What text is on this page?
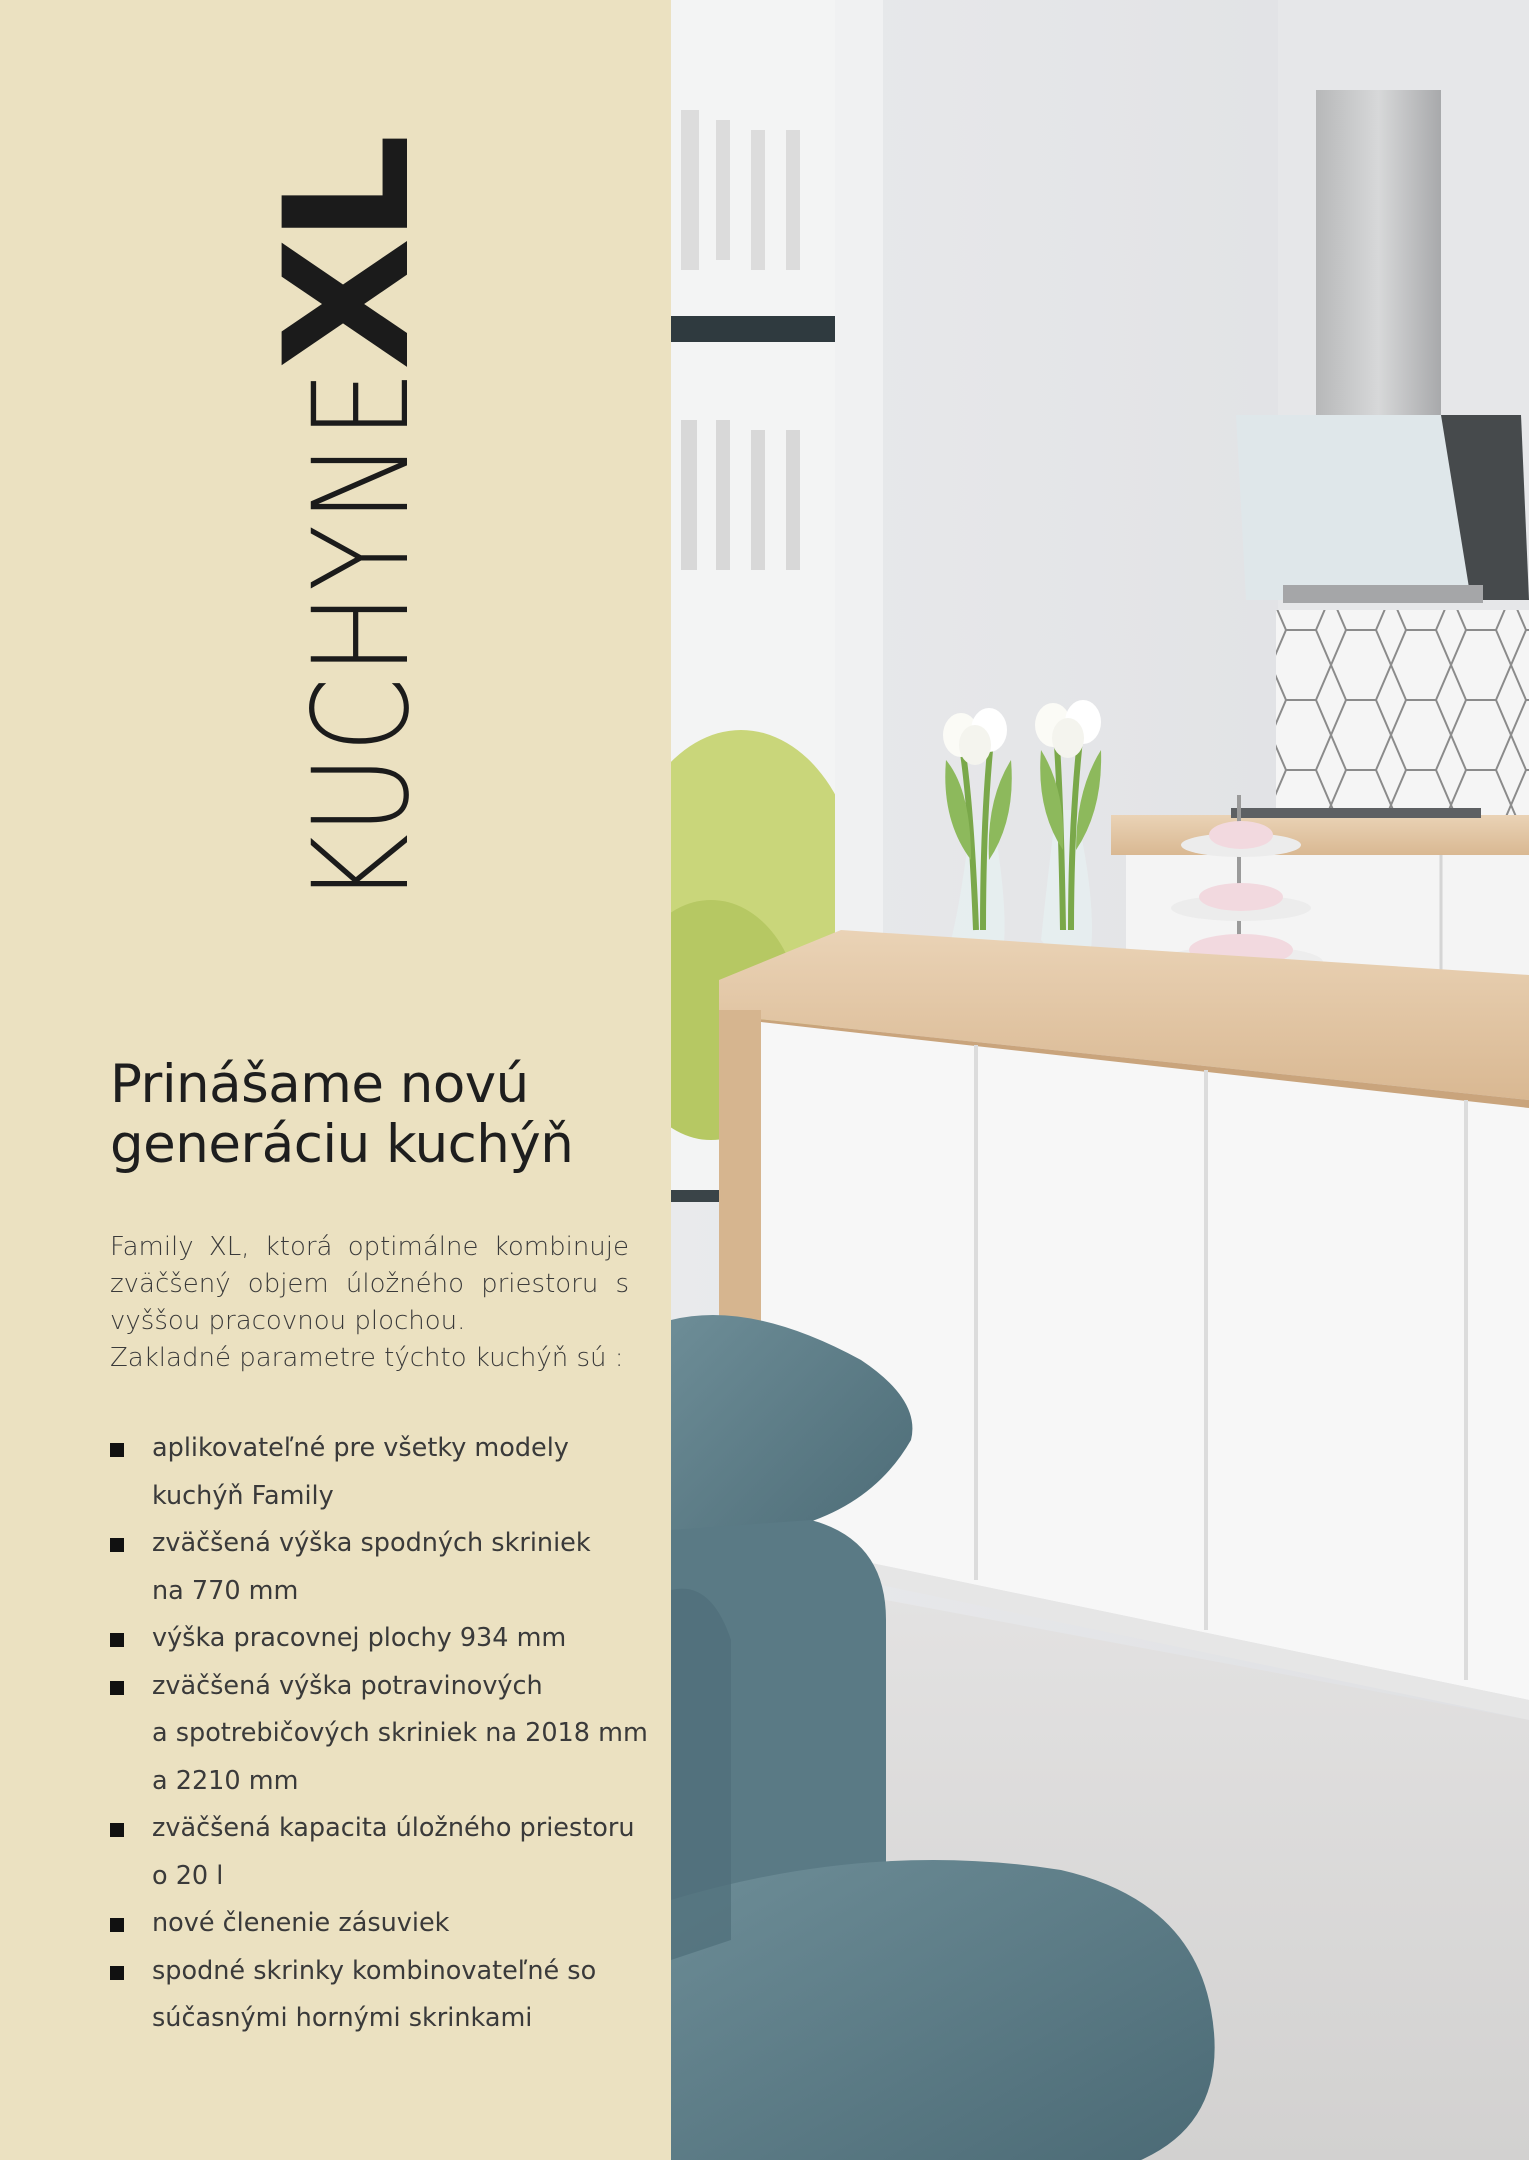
KUCHYNEXL
Prinášame novú
generáciu kuchýň

Family XL, ktorá optimálne kombinuje
zväčšený objem úložného priestoru s
vyššou pracovnou plochou.
Zakladné parametre týchto kuchýň sú :

aplikovateľné pre všetky modely
kuchýň Family
zväčšená výška spodných skriniek
na 770 mm
výška pracovnej plochy 934 mm
zväčšená výška potravinových
a spotrebičových skriniek na 2018 mm
a 2210 mm
zväčšená kapacita úložného priestoru
o 20 l
nové členenie zásuviek
spodné skrinky kombinovateľné so
súčasnými hornými skrinkami
